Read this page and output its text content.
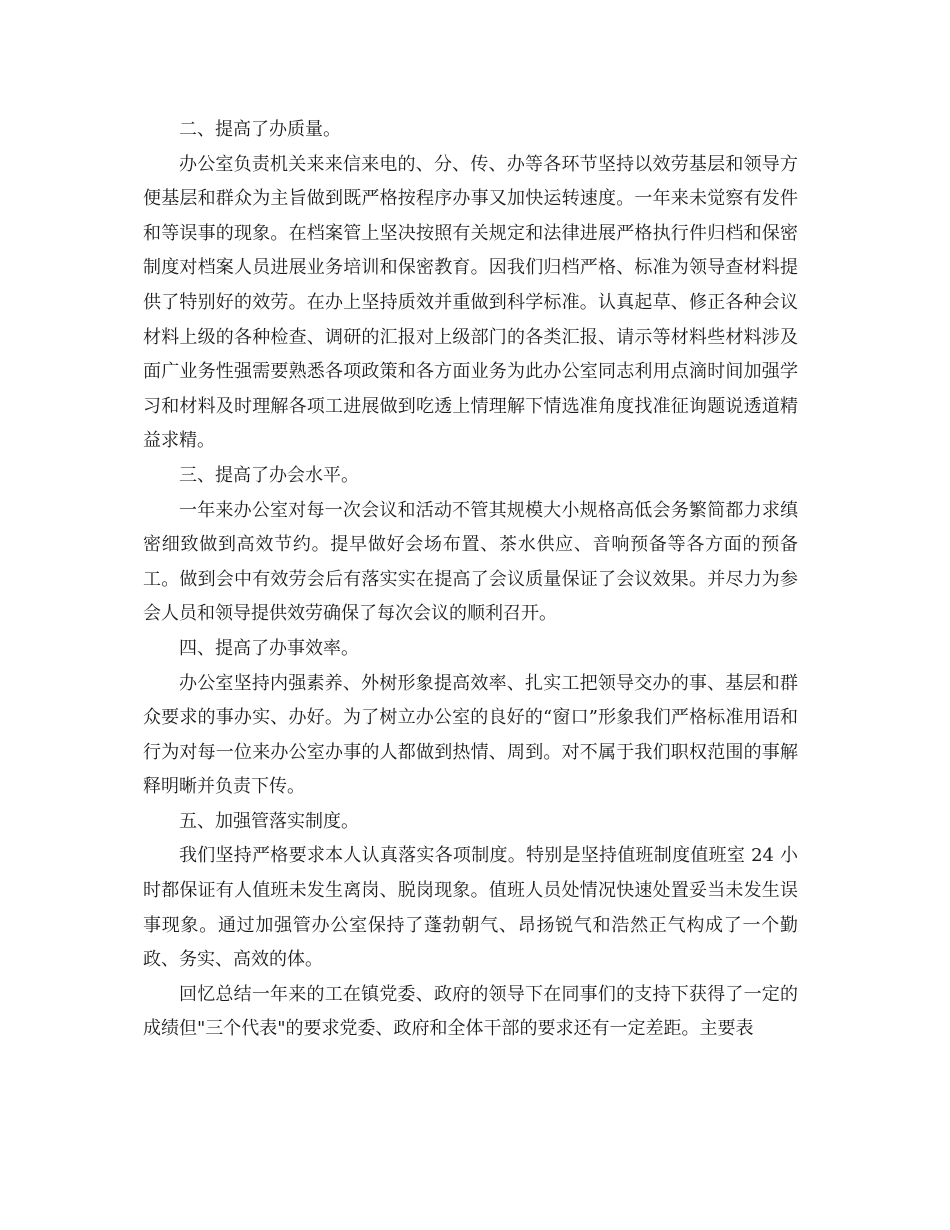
二、提高了办质量。

办公室负责机关来来信来电的、分、传、办等各环节坚持以效劳基层和领导方便基层和群众为主旨做到既严格按程序办事又加快运转速度。一年来未觉察有发件和等误事的现象。在档案管上坚决按照有关规定和法律进展严格执行件归档和保密制度对档案人员进展业务培训和保密教育。因我们归档严格、标准为领导查材料提供了特别好的效劳。在办上坚持质效并重做到科学标准。认真起草、修正各种会议材料上级的各种检查、调研的汇报对上级部门的各类汇报、请示等材料些材料涉及面广业务性强需要熟悉各项政策和各方面业务为此办公室同志利用点滴时间加强学习和材料及时理解各项工进展做到吃透上情理解下情选准角度找准征询题说透道精益求精。

三、提高了办会水平。

一年来办公室对每一次会议和活动不管其规模大小规格高低会务繁简都力求缜密细致做到高效节约。提早做好会场布置、茶水供应、音响预备等各方面的预备工。做到会中有效劳会后有落实实在提高了会议质量保证了会议效果。并尽力为参会人员和领导提供效劳确保了每次会议的顺利召开。

四、提高了办事效率。

办公室坚持内强素养、外树形象提高效率、扎实工把领导交办的事、基层和群众要求的事办实、办好。为了树立办公室的良好的“窗口”形象我们严格标准用语和行为对每一位来办公室办事的人都做到热情、周到。对不属于我们职权范围的事解释明晰并负责下传。

五、加强管落实制度。

我们坚持严格要求本人认真落实各项制度。特别是坚持值班制度值班室 24 小时都保证有人值班未发生离岗、脱岗现象。值班人员处情况快速处置妥当未发生误事现象。通过加强管办公室保持了蓬勃朝气、昂扬锐气和浩然正气构成了一个勤政、务实、高效的体。

回忆总结一年来的工在镇党委、政府的领导下在同事们的支持下获得了一定的成绩但"三个代表"的要求党委、政府和全体干部的要求还有一定差距。主要表
